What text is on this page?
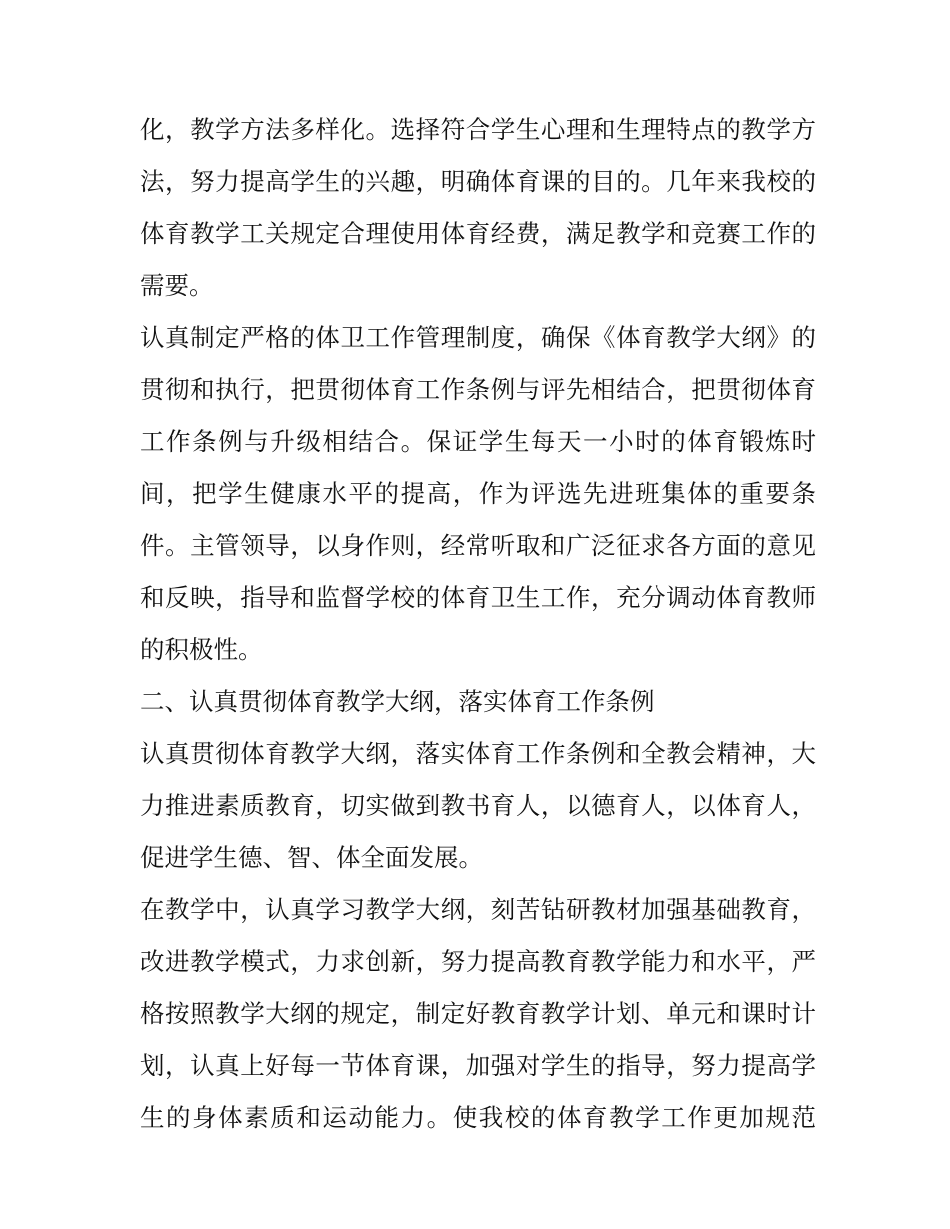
化，教学方法多样化。选择符合学生心理和生理特点的教学方
法，努力提高学生的兴趣，明确体育课的目的。几年来我校的
体育教学工关规定合理使用体育经费，满足教学和竞赛工作的
需要。
认真制定严格的体卫工作管理制度，确保《体育教学大纲》的
贯彻和执行，把贯彻体育工作条例与评先相结合，把贯彻体育
工作条例与升级相结合。保证学生每天一小时的体育锻炼时
间，把学生健康水平的提高，作为评选先进班集体的重要条
件。主管领导，以身作则，经常听取和广泛征求各方面的意见
和反映，指导和监督学校的体育卫生工作，充分调动体育教师
的积极性。
二、认真贯彻体育教学大纲，落实体育工作条例
认真贯彻体育教学大纲，落实体育工作条例和全教会精神，大
力推进素质教育，切实做到教书育人，以德育人，以体育人，
促进学生德、智、体全面发展。
在教学中，认真学习教学大纲，刻苦钻研教材加强基础教育，
改进教学模式，力求创新，努力提高教育教学能力和水平，严
格按照教学大纲的规定，制定好教育教学计划、单元和课时计
划，认真上好每一节体育课，加强对学生的指导，努力提高学
生的身体素质和运动能力。使我校的体育教学工作更加规范
